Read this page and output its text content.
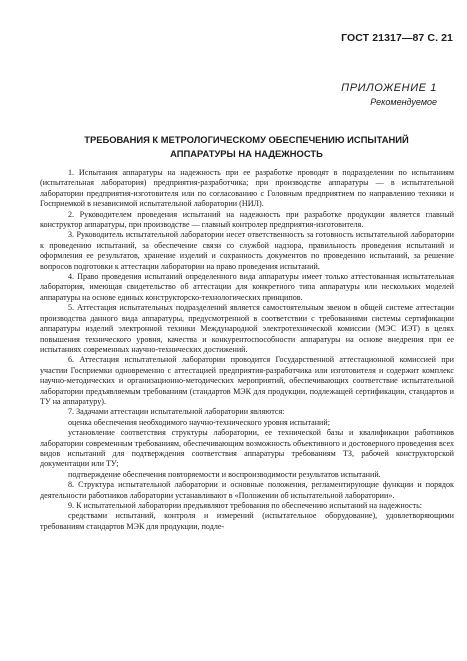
ГОСТ 21317—87 С. 21
ПРИЛОЖЕНИЕ 1
Рекомендуемое
ТРЕБОВАНИЯ К МЕТРОЛОГИЧЕСКОМУ ОБЕСПЕЧЕНИЮ ИСПЫТАНИЙ
АППАРАТУРЫ НА НАДЕЖНОСТЬ

1. Испытания аппаратуры на надежность при ее разработке проводят в подразделении по испытаниям (испытательная лаборатория) предприятия-разработчика; при производстве аппаратуры — в испытательной лаборатории предприятия-изготовителя или по согласованию с Головным предприятием по направлению техники и Госприемкой в независимой испытательной лаборатории (НИЛ).

2. Руководителем проведения испытаний на надежность при разработке продукции является главный конструктор аппаратуры, при производстве — главный контролер предприятия-изготовителя.

3. Руководитель испытательной лаборатории несет ответственность за готовность испытательной лаборатории к проведению испытаний, за обеспечение связи со службой надзора, правильность проведения испытаний и оформления ее результатов, хранение изделий и сохранность документов по проведению испытаний, за решение вопросов подготовки к аттестации лаборатории на право проведения испытаний.

4. Право проведения испытаний определенного вида аппаратуры имеет только аттестованная испытательная лаборатория, имеющая свидетельство об аттестации для конкретного типа аппаратуры или нескольких моделей аппаратуры на основе единых конструкторско-технологических принципов.

5. Аттестация испытательных подразделений является самостоятельным звеном в общей системе аттестации производства данного вида аппаратуры, предусмотренной в соответствии с требованиями системы сертификации аппаратуры изделий электронной техники Международной электротехнической комиссии (МЭС ИЭТ) в целях повышения технического уровня, качества и конкурентоспособности аппаратуры на основе внедрения при ее испытаниях современных научно-технических достижений.

6. Аттестация испытательной лаборатории проводится Государственной аттестационной комиссией при участии Госприемки одновременно с аттестацией предприятия-разработчика или изготовителя и содержит комплекс научно-методических и организационно-методических мероприятий, обеспечивающих соответствие испытательной лаборатории предъявляемым требованиям (стандартов МЭК для продукции, подлежащей сертификации, стандартов и ТУ на аппаратуру).

7. Задачами аттестации испытательной лаборатории являются:

оценка обеспечения необходимого научно-технического уровня испытаний;

установление соответствия структуры лаборатории, ее технической базы и квалификации работников лаборатории современным требованиям, обеспечивающим возможность объективного и достоверного проведения всех видов испытаний для подтверждения соответствия аппаратуры требованиям ТЗ, рабочей конструкторской документации или ТУ;

подтверждение обеспечения повторяемости и воспроизводимости результатов испытаний.

8. Структура испытательной лаборатории и основные положения, регламентирующие функции и порядок деятельности работников лаборатории устанавливают в «Положении об испытательной лаборатории».

9. К испытательной лаборатории предъявляют требования по обеспечению испытаний на надежность:

средствами испытаний, контроля и измерений (испытательное оборудование), удовлетворяющими требованиям стандартов МЭК для продукции, подле-
